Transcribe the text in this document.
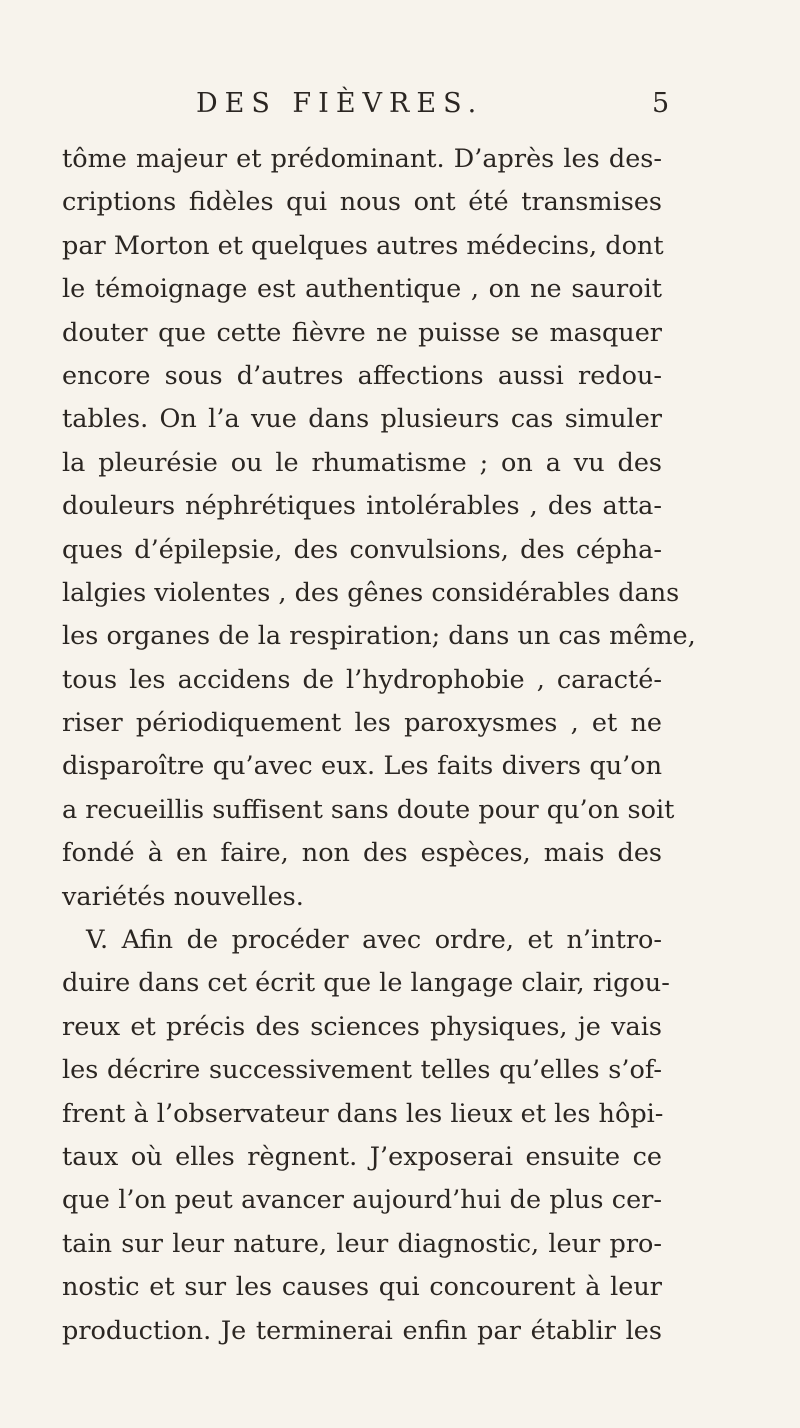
DES FIÈVRES.	5
tôme majeur et prédominant. D’après les des-
criptions fidèles qui nous ont été transmises
par Morton et quelques autres médecins, dont
le témoignage est authentique , on ne sauroit
douter que cette fièvre ne puisse se masquer
encore sous d’autres affections aussi redou-
tables. On l’a vue dans plusieurs cas simuler
la pleurésie ou le rhumatisme ; on a vu des
douleurs néphrétiques intolérables , des atta-
ques d’épilepsie, des convulsions, des cépha-
lalgies violentes , des gênes considérables dans
les organes de la respiration; dans un cas même,
tous les accidens de l’hydrophobie , caracté-
riser périodiquement les paroxysmes , et ne
disparoître qu’avec eux. Les faits divers qu’on
a recueillis suffisent sans doute pour qu’on soit
fondé à en faire, non des espèces, mais des
variétés nouvelles.
V. Afin de procéder avec ordre, et n’intro-
duire dans cet écrit que le langage clair, rigou-
reux et précis des sciences physiques, je vais
les décrire successivement telles qu’elles s’of-
frent à l’observateur dans les lieux et les hôpi-
taux où elles règnent. J’exposerai ensuite ce
que l’on peut avancer aujourd’hui de plus cer-
tain sur leur nature, leur diagnostic, leur pro-
nostic et sur les causes qui concourent à leur
production. Je terminerai enfin par établir les
